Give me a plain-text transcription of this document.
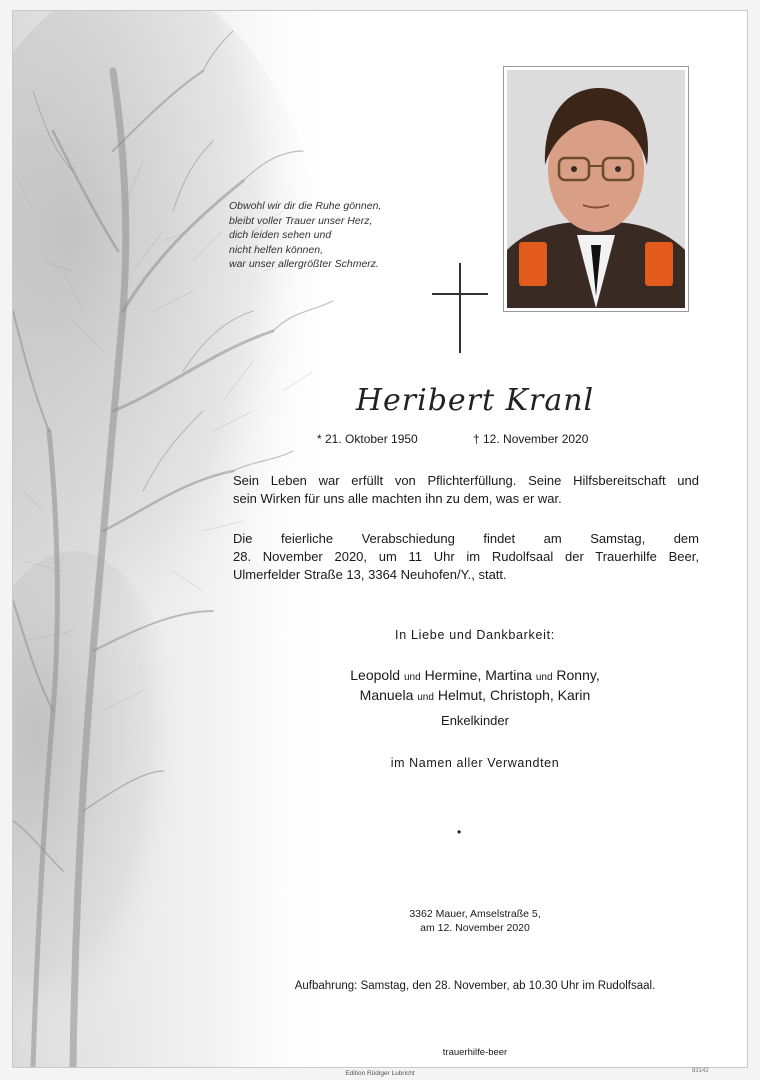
Obwohl wir dir die Ruhe gönnen,
bleibt voller Trauer unser Herz,
dich leiden sehen und
nicht helfen können,
war unser allergrößter Schmerz.
Heribert Kranl
* 21. Oktober 1950	† 12. November 2020
Sein Leben war erfüllt von Pflichterfüllung. Seine Hilfsbereitschaft und
sein Wirken für uns alle machten ihn zu dem, was er war.
Die feierliche Verabschiedung findet am Samstag, dem
28. November 2020, um 11 Uhr im Rudolfsaal der Trauerhilfe Beer,
Ulmerfelder Straße 13, 3364 Neuhofen/Y., statt.
In Liebe und Dankbarkeit:
Leopold und Hermine, Martina und Ronny,
Manuela und Helmut, Christoph, Karin
Enkelkinder
im Namen aller Verwandten
•
3362 Mauer, Amselstraße 5,
am 12. November 2020
Aufbahrung: Samstag, den 28. November, ab 10.30 Uhr im Rudolfsaal.
trauerhilfe-beer
Edition Rüdiger Lubricht	83142
